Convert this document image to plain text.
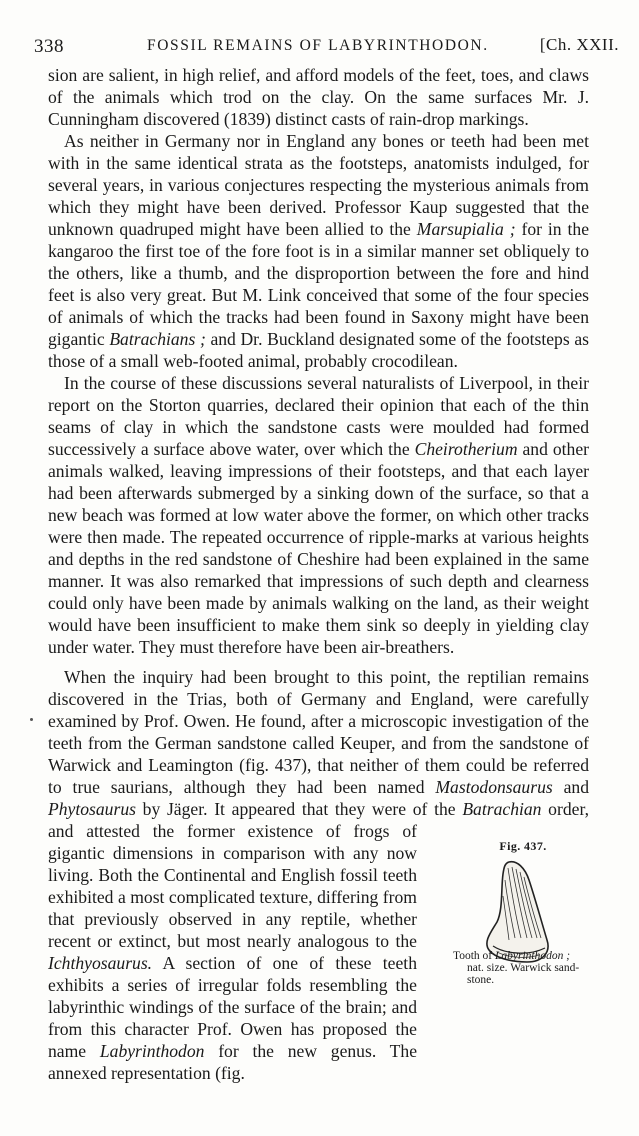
338	FOSSIL REMAINS OF LABYRINTHODON.	[Ch. XXII.

sion are salient, in high relief, and afford models of the feet, toes, and claws of the animals which trod on the clay. On the same surfaces Mr. J. Cunningham discovered (1839) distinct casts of rain-drop markings.

As neither in Germany nor in England any bones or teeth had been met with in the same identical strata as the footsteps, anatomists indulged, for several years, in various conjectures respecting the mysterious animals from which they might have been derived. Professor Kaup suggested that the unknown quadruped might have been allied to the Marsupialia ; for in the kangaroo the first toe of the fore foot is in a similar manner set obliquely to the others, like a thumb, and the disproportion between the fore and hind feet is also very great. But M. Link conceived that some of the four species of animals of which the tracks had been found in Saxony might have been gigantic Batrachians ; and Dr. Buckland designated some of the footsteps as those of a small web-footed animal, probably crocodilean.

In the course of these discussions several naturalists of Liverpool, in their report on the Storton quarries, declared their opinion that each of the thin seams of clay in which the sandstone casts were moulded had formed successively a surface above water, over which the Cheirotherium and other animals walked, leaving impressions of their footsteps, and that each layer had been afterwards submerged by a sinking down of the surface, so that a new beach was formed at low water above the former, on which other tracks were then made. The repeated occurrence of ripple-marks at various heights and depths in the red sandstone of Cheshire had been explained in the same manner. It was also remarked that impressions of such depth and clearness could only have been made by animals walking on the land, as their weight would have been insufficient to make them sink so deeply in yielding clay under water. They must therefore have been air-breathers.

When the inquiry had been brought to this point, the reptilian remains discovered in the Trias, both of Germany and England, were carefully examined by Prof. Owen. He found, after a microscopic investigation of the teeth from the German sandstone called Keuper, and from the sandstone of Warwick and Leamington (fig. 437), that neither of them could be referred to true saurians, although they had been named Mastodonsaurus and Phytosaurus by Jäger. It appeared that they were of the Batrachian order, and attested
Fig. 437.
Tooth of Labyrinthodon ;
nat. size. Warwick sand-
stone.
the former existence of frogs of gigantic dimensions in comparison with any now living. Both the Continental and English fossil teeth exhibited a most complicated texture, differing from that previously observed in any reptile, whether recent or extinct, but most nearly analogous to the Ichthyosaurus. A section of one of these teeth exhibits a series of irregular folds resembling the labyrinthic windings of the surface of the brain; and from this character Prof. Owen has proposed the name Labyrinthodon for the new genus. The annexed representation (fig.
